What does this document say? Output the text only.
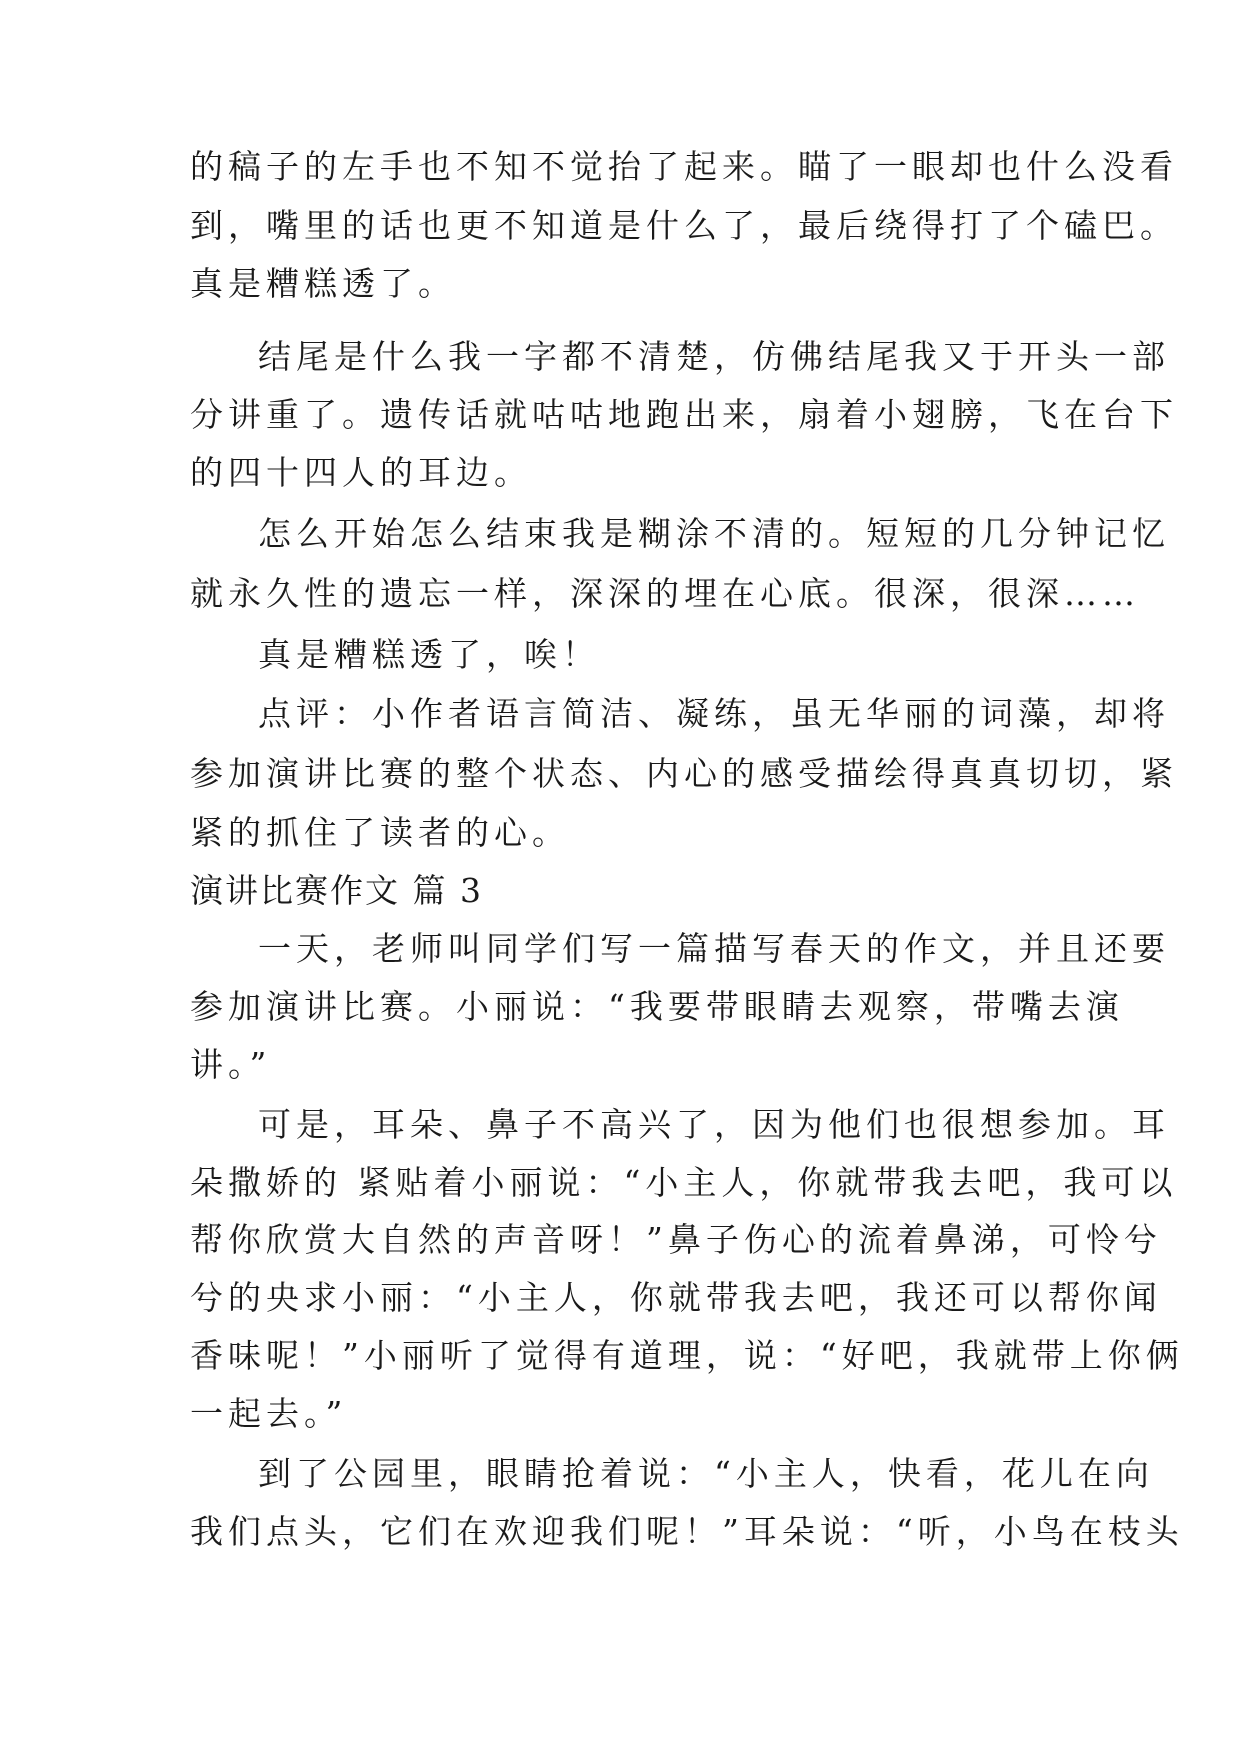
的稿子的左手也不知不觉抬了起来。瞄了一眼却也什么没看
到，嘴里的话也更不知道是什么了，最后绕得打了个磕巴。
真是糟糕透了。
结尾是什么我一字都不清楚，仿佛结尾我又于开头一部
分讲重了。遗传话就咕咕地跑出来，扇着小翅膀，飞在台下
的四十四人的耳边。
怎么开始怎么结束我是糊涂不清的。短短的几分钟记忆
就永久性的遗忘一样，深深的埋在心底。很深，很深……
真是糟糕透了，唉！
点评：小作者语言简洁、凝练，虽无华丽的词藻，却将
参加演讲比赛的整个状态、内心的感受描绘得真真切切，紧
紧的抓住了读者的心。
演讲比赛作文 篇 3
一天，老师叫同学们写一篇描写春天的作文，并且还要
参加演讲比赛。小丽说：“我要带眼睛去观察，带嘴去演
讲。”
可是，耳朵、鼻子不高兴了，因为他们也很想参加。耳
朵撒娇的 紧贴着小丽说：“小主人，你就带我去吧，我可以
帮你欣赏大自然的声音呀！”鼻子伤心的流着鼻涕，可怜兮
兮的央求小丽：“小主人，你就带我去吧，我还可以帮你闻
香味呢！”小丽听了觉得有道理，说：“好吧，我就带上你俩
一起去。”
到了公园里，眼睛抢着说：“小主人，快看，花儿在向
我们点头，它们在欢迎我们呢！”耳朵说：“听，小鸟在枝头
